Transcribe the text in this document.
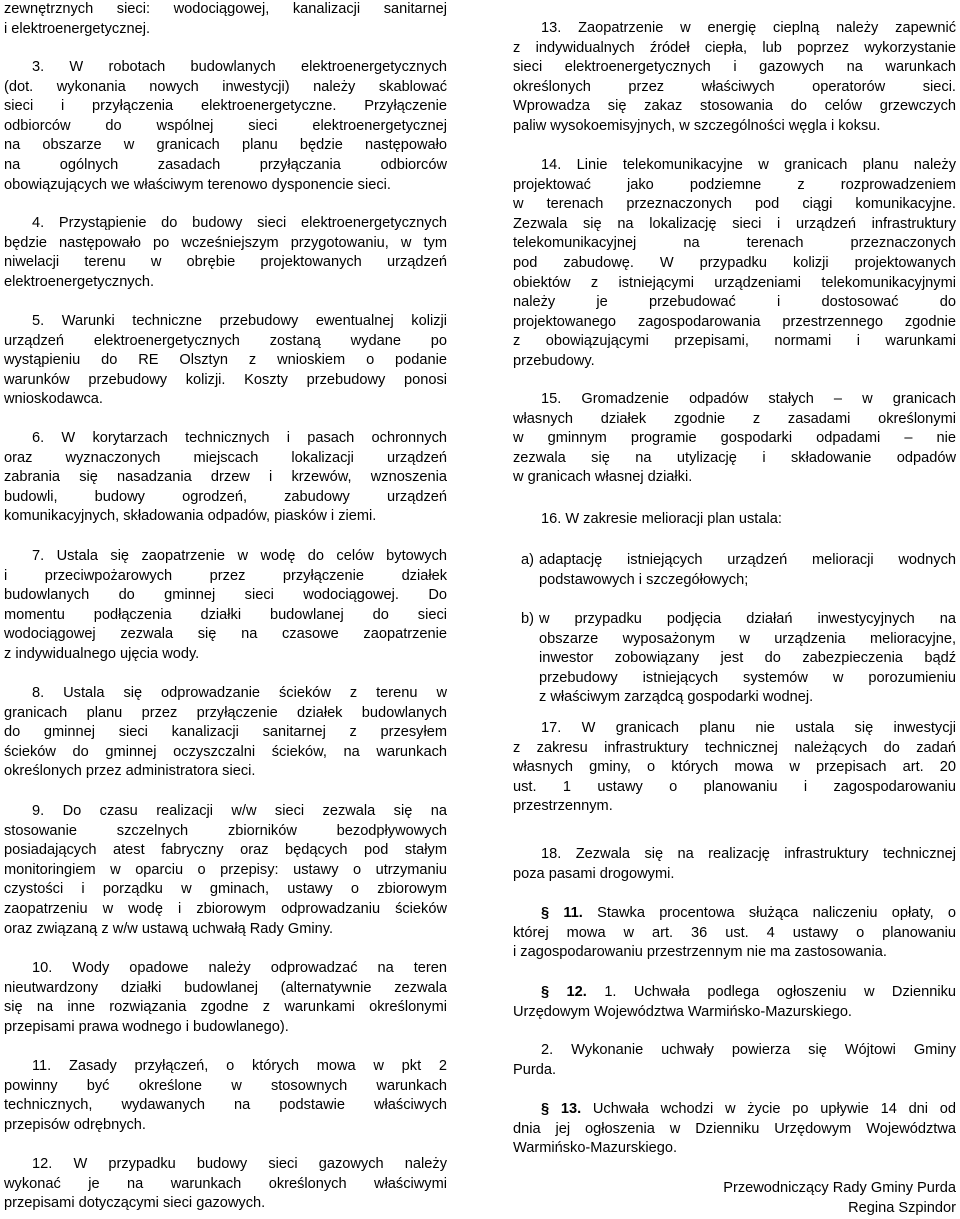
zewnętrznych sieci: wodociągowej, kanalizacji sanitarnej
i elektroenergetycznej.
3. W robotach budowlanych elektroenergetycznych
(dot. wykonania nowych inwestycji) należy skablować
sieci i przyłączenia elektroenergetyczne. Przyłączenie
odbiorców do wspólnej sieci elektroenergetycznej
na obszarze w granicach planu będzie następowało
na ogólnych zasadach przyłączania odbiorców
obowiązujących we właściwym terenowo dysponencie sieci.
4. Przystąpienie do budowy sieci elektroenergetycznych
będzie następowało po wcześniejszym przygotowaniu, w tym
niwelacji terenu w obrębie projektowanych urządzeń
elektroenergetycznych.
5. Warunki techniczne przebudowy ewentualnej kolizji
urządzeń elektroenergetycznych zostaną wydane po
wystąpieniu do RE Olsztyn z wnioskiem o podanie
warunków przebudowy kolizji. Koszty przebudowy ponosi
wnioskodawca.
6. W korytarzach technicznych i pasach ochronnych
oraz wyznaczonych miejscach lokalizacji urządzeń
zabrania się nasadzania drzew i krzewów, wznoszenia
budowli, budowy ogrodzeń, zabudowy urządzeń
komunikacyjnych, składowania odpadów, piasków i ziemi.
7. Ustala się zaopatrzenie w wodę do celów bytowych
i przeciwpożarowych przez przyłączenie działek
budowlanych do gminnej sieci wodociągowej. Do
momentu podłączenia działki budowlanej do sieci
wodociągowej zezwala się na czasowe zaopatrzenie
z indywidualnego ujęcia wody.
8. Ustala się odprowadzanie ścieków z terenu w
granicach planu przez przyłączenie działek budowlanych
do gminnej sieci kanalizacji sanitarnej z przesyłem
ścieków do gminnej oczyszczalni ścieków, na warunkach
określonych przez administratora sieci.
9. Do czasu realizacji w/w sieci zezwala się na
stosowanie szczelnych zbiorników bezodpływowych
posiadających atest fabryczny oraz będących pod stałym
monitoringiem w oparciu o przepisy: ustawy o utrzymaniu
czystości i porządku w gminach, ustawy o zbiorowym
zaopatrzeniu w wodę i zbiorowym odprowadzaniu ścieków
oraz związaną z w/w ustawą uchwałą Rady Gminy.
10. Wody opadowe należy odprowadzać na teren
nieutwardzony działki budowlanej (alternatywnie zezwala
się na inne rozwiązania zgodne z warunkami określonymi
przepisami prawa wodnego i budowlanego).
11. Zasady przyłączeń, o których mowa w pkt 2
powinny być określone w stosownych warunkach
technicznych, wydawanych na podstawie właściwych
przepisów odrębnych.
12. W przypadku budowy sieci gazowych należy
wykonać je na warunkach określonych właściwymi
przepisami dotyczącymi sieci gazowych.
13. Zaopatrzenie w energię cieplną należy zapewnić
z indywidualnych źródeł ciepła, lub poprzez wykorzystanie
sieci elektroenergetycznych i gazowych na warunkach
określonych przez właściwych operatorów sieci.
Wprowadza się zakaz stosowania do celów grzewczych
paliw wysokoemisyjnych, w szczególności węgla i koksu.
14. Linie telekomunikacyjne w granicach planu należy
projektować jako podziemne z rozprowadzeniem
w terenach przeznaczonych pod ciągi komunikacyjne.
Zezwala się na lokalizację sieci i urządzeń infrastruktury
telekomunikacyjnej na terenach przeznaczonych
pod zabudowę. W przypadku kolizji projektowanych
obiektów z istniejącymi urządzeniami telekomunikacyjnymi
należy je przebudować i dostosować do
projektowanego zagospodarowania przestrzennego zgodnie
z obowiązującymi przepisami, normami i warunkami
przebudowy.
15. Gromadzenie odpadów stałych – w granicach
własnych działek zgodnie z zasadami określonymi
w gminnym programie gospodarki odpadami – nie
zezwala się na utylizację i składowanie odpadów
w granicach własnej działki.
16. W zakresie melioracji plan ustala:
a) adaptację istniejących urządzeń melioracji wodnych
podstawowych i szczegółowych;
b) w przypadku podjęcia działań inwestycyjnych na
obszarze wyposażonym w urządzenia melioracyjne,
inwestor zobowiązany jest do zabezpieczenia bądź
przebudowy istniejących systemów w porozumieniu
z właściwym zarządcą gospodarki wodnej.
17. W granicach planu nie ustala się inwestycji
z zakresu infrastruktury technicznej należących do zadań
własnych gminy, o których mowa w przepisach art. 20
ust. 1 ustawy o planowaniu i zagospodarowaniu
przestrzennym.
18. Zezwala się na realizację infrastruktury technicznej
poza pasami drogowymi.
§ 11. Stawka procentowa służąca naliczeniu opłaty, o
której mowa w art. 36 ust. 4 ustawy o planowaniu
i zagospodarowaniu przestrzennym nie ma zastosowania.
§ 12. 1. Uchwała podlega ogłoszeniu w Dzienniku
Urzędowym Województwa Warmińsko-Mazurskiego.
2. Wykonanie uchwały powierza się Wójtowi Gminy
Purda.
§ 13. Uchwała wchodzi w życie po upływie 14 dni od
dnia jej ogłoszenia w Dzienniku Urzędowym Województwa
Warmińsko-Mazurskiego.
Przewodniczący Rady Gminy Purda
Regina Szpindor
